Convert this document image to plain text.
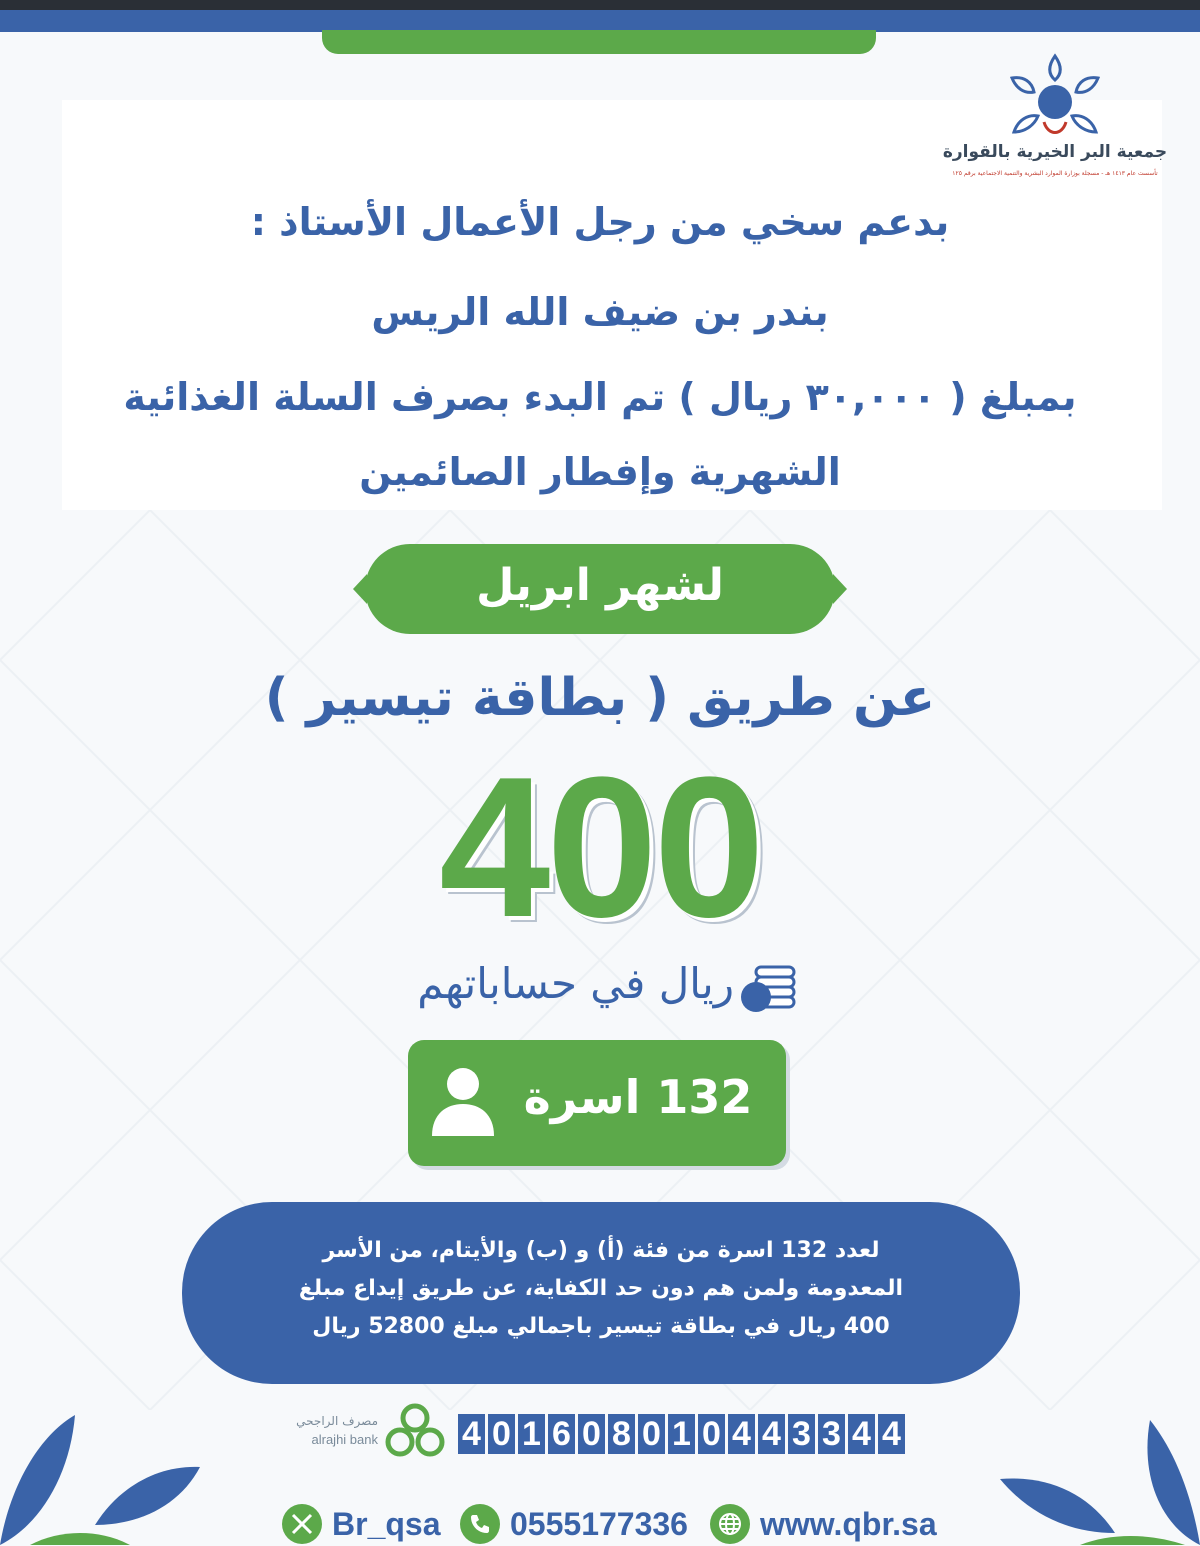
جمعية البر الخيرية بالقوارة
تأسست عام ١٤١٣ هـ - مسجلة بوزارة الموارد البشرية والتنمية الاجتماعية برقم ١٢٥
بدعم سخي من رجل الأعمال الأستاذ :
بندر بن ضيف الله الريس
بمبلغ ( ٣٠,٠٠٠ ريال ) تم البدء بصرف السلة الغذائية
الشهرية وإفطار الصائمين
لشهر ابريل
عن طريق ( بطاقة تيسير )
400
ريال في حساباتهم
132 اسرة
لعدد 132 اسرة من فئة (أ) و (ب) والأيتام، من الأسر
المعدومة ولمن هم دون حد الكفاية، عن طريق إيداع مبلغ
400 ريال في بطاقة تيسير باجمالي مبلغ 52800 ريال
مصرف الراجحي
alrajhi bank 4 0 1 6 0 8 0 1 0 4 4 3 3 4 4
Br_qsa 0555177336 www.qbr.sa
